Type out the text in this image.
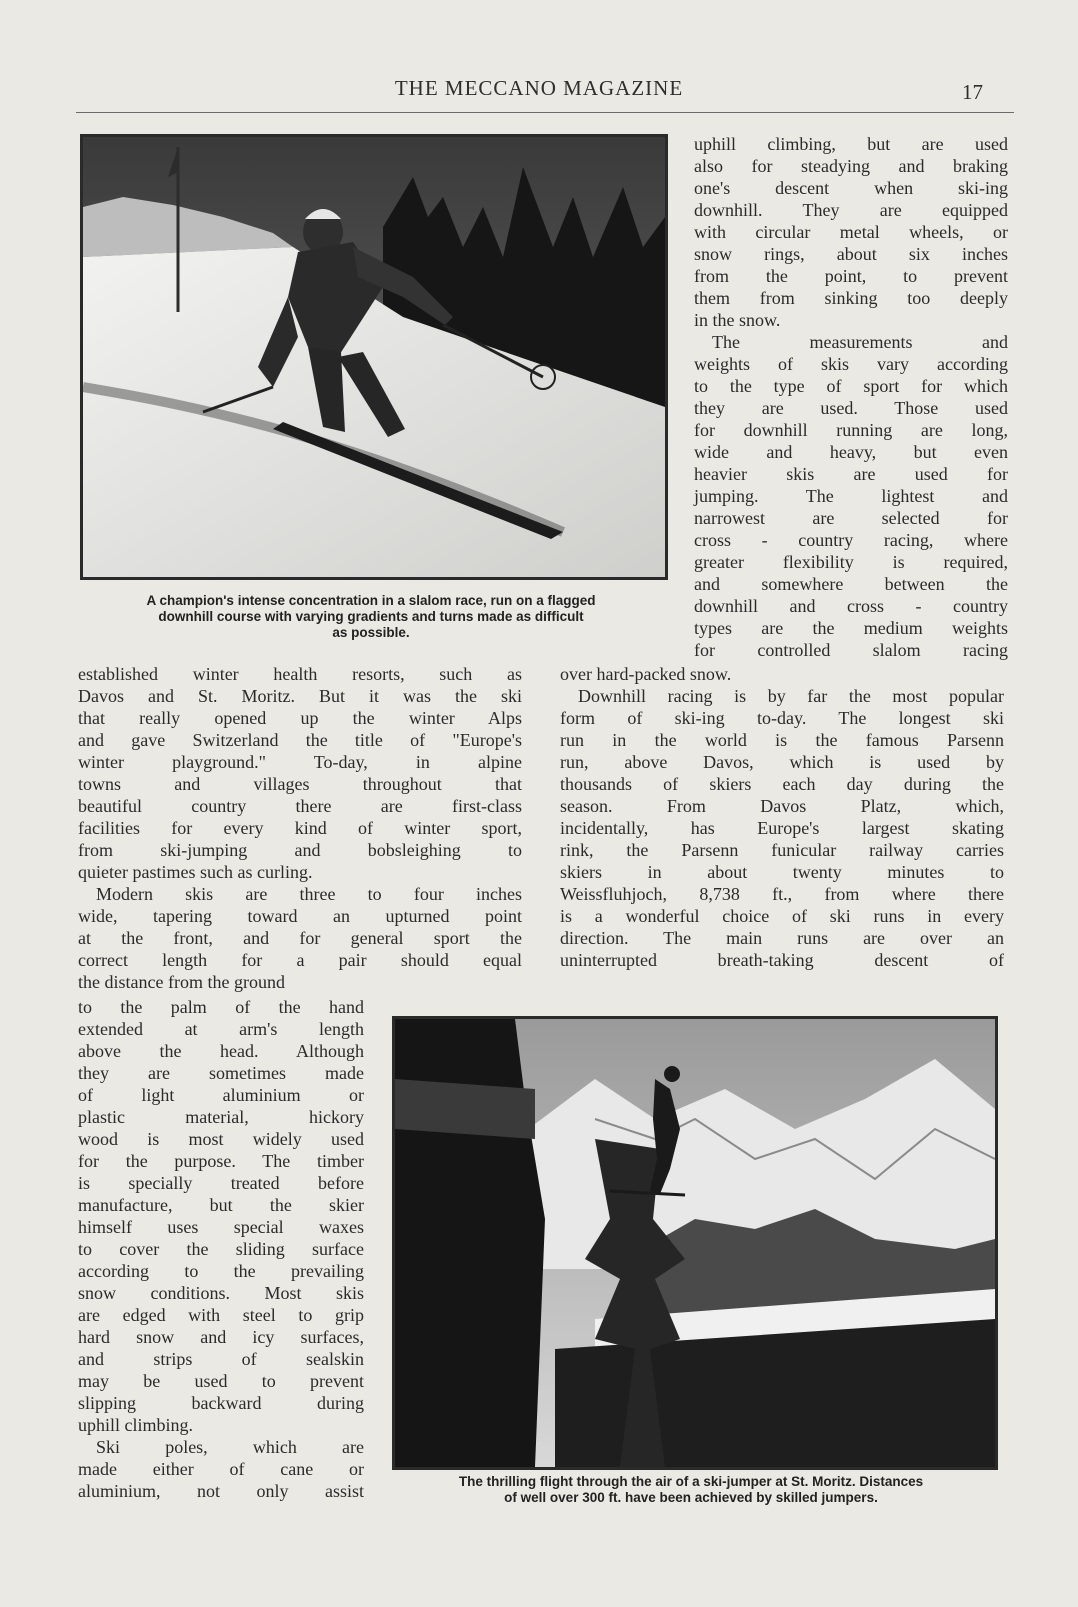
THE MECCANO MAGAZINE	17
A champion's intense concentration in a slalom race, run on a flagged
downhill course with varying gradients and turns made as difficult
as possible.
uphill climbing, but are used
also for steadying and braking
one's descent when ski-ing
downhill. They are equipped
with circular metal wheels, or
snow rings, about six inches
from the point, to prevent
them from sinking too deeply
in the snow.
The measurements and
weights of skis vary according
to the type of sport for which
they are used. Those used
for downhill running are long,
wide and heavy, but even
heavier skis are used for
jumping. The lightest and
narrowest are selected for
cross - country racing, where
greater flexibility is required,
and somewhere between the
downhill and cross - country
types are the medium weights
for controlled slalom racing
established winter health resorts, such as
Davos and St. Moritz. But it was the ski
that really opened up the winter Alps
and gave Switzerland the title of "Europe's
winter playground." To-day, in alpine
towns and villages throughout that
beautiful country there are first-class
facilities for every kind of winter sport,
from ski-jumping and bobsleighing to
quieter pastimes such as curling.
Modern skis are three to four inches
wide, tapering toward an upturned point
at the front, and for general sport the
correct length for a pair should equal
the distance from the ground
over hard-packed snow.
Downhill racing is by far the most popular
form of ski-ing to-day. The longest ski
run in the world is the famous Parsenn
run, above Davos, which is used by
thousands of skiers each day during the
season. From Davos Platz, which,
incidentally, has Europe's largest skating
rink, the Parsenn funicular railway carries
skiers in about twenty minutes to
Weissfluhjoch, 8,738 ft., from where there
is a wonderful choice of ski runs in every
direction. The main runs are over an
uninterrupted breath-taking descent of
to the palm of the hand
extended at arm's length
above the head. Although
they are sometimes made
of light aluminium or
plastic material, hickory
wood is most widely used
for the purpose. The timber
is specially treated before
manufacture, but the skier
himself uses special waxes
to cover the sliding surface
according to the prevailing
snow conditions. Most skis
are edged with steel to grip
hard snow and icy surfaces,
and strips of sealskin
may be used to prevent
slipping backward during
uphill climbing.
Ski poles, which are
made either of cane or
aluminium, not only assist	The thrilling flight through the air of a ski-jumper at St. Moritz. Distances
of well over 300 ft. have been achieved by skilled jumpers.
